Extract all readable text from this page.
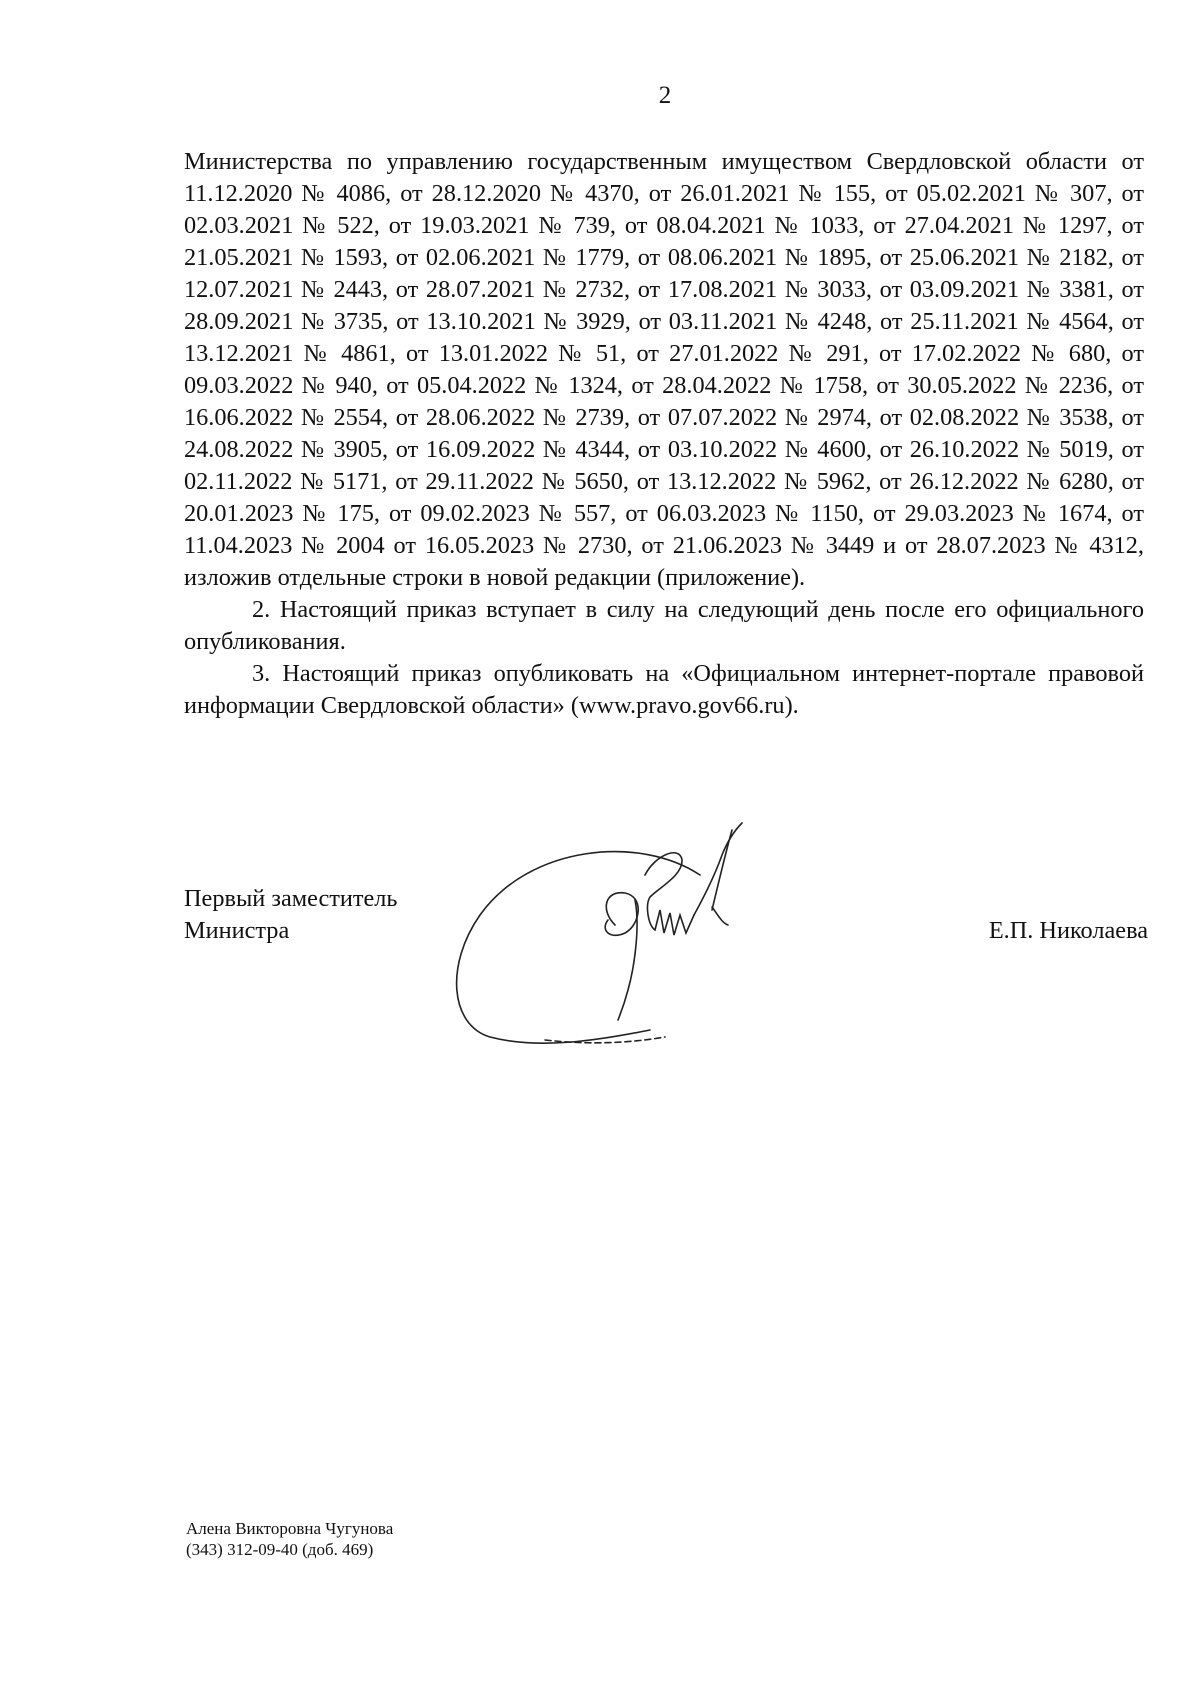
2

Министерства по управлению государственным имуществом Свердловской области от 11.12.2020 № 4086, от 28.12.2020 № 4370, от 26.01.2021 № 155, от 05.02.2021 № 307, от 02.03.2021 № 522, от 19.03.2021 № 739, от 08.04.2021 № 1033, от 27.04.2021 № 1297, от 21.05.2021 № 1593, от 02.06.2021 № 1779, от 08.06.2021 № 1895, от 25.06.2021 № 2182, от 12.07.2021 № 2443, от 28.07.2021 № 2732, от 17.08.2021 № 3033, от 03.09.2021 № 3381, от 28.09.2021 № 3735, от 13.10.2021 № 3929, от 03.11.2021 № 4248, от 25.11.2021 № 4564, от 13.12.2021 № 4861, от 13.01.2022 № 51, от 27.01.2022 № 291, от 17.02.2022 № 680, от 09.03.2022 № 940, от 05.04.2022 № 1324, от 28.04.2022 № 1758, от 30.05.2022 № 2236, от 16.06.2022 № 2554, от 28.06.2022 № 2739, от 07.07.2022 № 2974, от 02.08.2022 № 3538, от 24.08.2022 № 3905, от 16.09.2022 № 4344, от 03.10.2022 № 4600, от 26.10.2022 № 5019, от 02.11.2022 № 5171, от 29.11.2022 № 5650, от 13.12.2022 № 5962, от 26.12.2022 № 6280, от 20.01.2023 № 175, от 09.02.2023 № 557, от 06.03.2023 № 1150, от 29.03.2023 № 1674, от 11.04.2023 № 2004 от 16.05.2023 № 2730, от 21.06.2023 № 3449 и от 28.07.2023 № 4312, изложив отдельные строки в новой редакции (приложение).

2. Настоящий приказ вступает в силу на следующий день после его официального опубликования.

3. Настоящий приказ опубликовать на «Официальном интернет-портале правовой информации Свердловской области» (www.pravo.gov66.ru).

Первый заместитель
Министра	Е.П. Николаева
Алена Викторовна Чугунова
(343) 312-09-40 (доб. 469)
